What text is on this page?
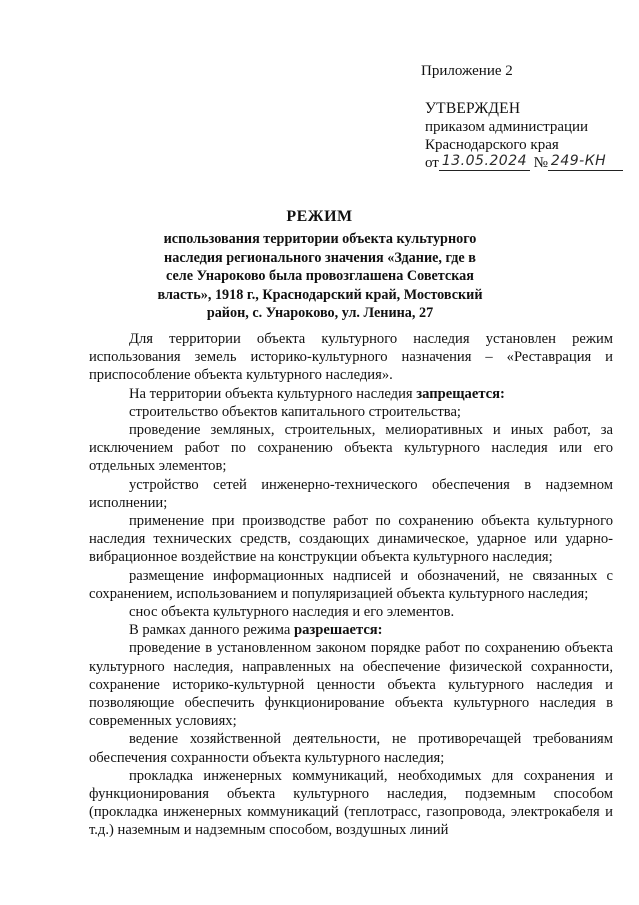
Приложение 2
УТВЕРЖДЕН
приказом администрации
Краснодарского края
от 13.05.2024 № 249-КН
РЕЖИМ
использования территории объекта культурного наследия регионального значения «Здание, где в селе Унароково была провозглашена Советская власть», 1918 г., Краснодарский край, Мостовский район, с. Унароково, ул. Ленина, 27

Для территории объекта культурного наследия установлен режим использования земель историко-культурного назначения – «Реставрация и приспособление объекта культурного наследия».

На территории объекта культурного наследия запрещается:

строительство объектов капитального строительства;

проведение земляных, строительных, мелиоративных и иных работ, за исключением работ по сохранению объекта культурного наследия или его отдельных элементов;

устройство сетей инженерно-технического обеспечения в надземном исполнении;

применение при производстве работ по сохранению объекта культурного наследия технических средств, создающих динамическое, ударное или ударно-вибрационное воздействие на конструкции объекта культурного наследия;

размещение информационных надписей и обозначений, не связанных с сохранением, использованием и популяризацией объекта культурного наследия;

снос объекта культурного наследия и его элементов.

В рамках данного режима разрешается:

проведение в установленном законом порядке работ по сохранению объекта культурного наследия, направленных на обеспечение физической сохранности, сохранение историко-культурной ценности объекта культурного наследия и позволяющие обеспечить функционирование объекта культурного наследия в современных условиях;

ведение хозяйственной деятельности, не противоречащей требованиям обеспечения сохранности объекта культурного наследия;

прокладка инженерных коммуникаций, необходимых для сохранения и функционирования объекта культурного наследия, подземным способом (прокладка инженерных коммуникаций (теплотрасс, газопровода, электрокабеля и т.д.) наземным и надземным способом, воздушных линий
